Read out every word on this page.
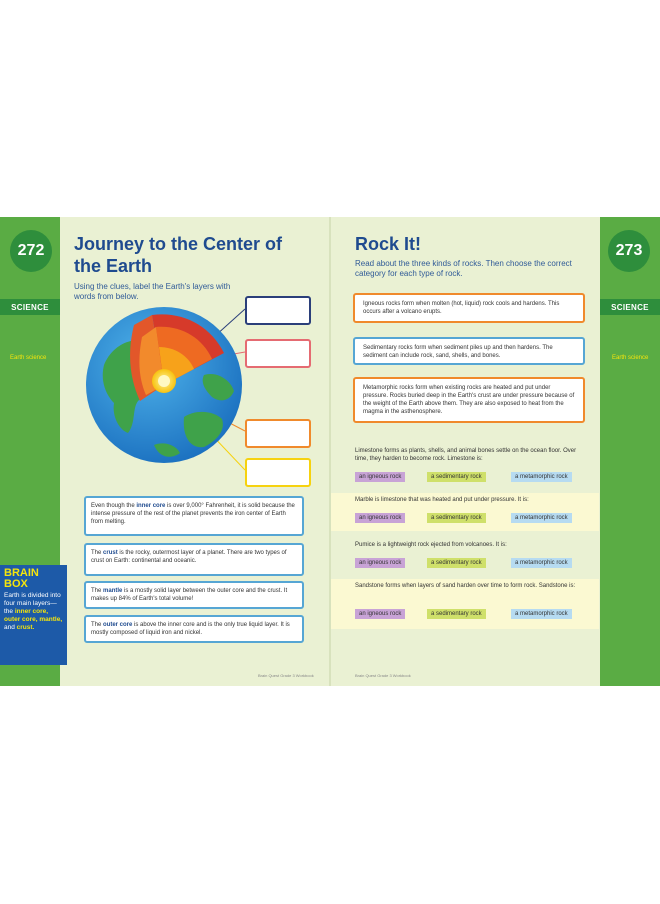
272
SCIENCE
Earth science
273
SCIENCE
Earth science
Journey to the Center of the Earth
Using the clues, label the Earth's layers with words from below.
Even though the inner core is over 9,000° Fahrenheit, it is solid because the intense pressure of the rest of the planet prevents the iron center of Earth from melting.
The crust is the rocky, outermost layer of a planet. There are two types of crust on Earth: continental and oceanic.
The mantle is a mostly solid layer between the outer core and the crust. It makes up 84% of Earth's total volume!
The outer core is above the inner core and is the only true liquid layer. It is mostly composed of liquid iron and nickel.
BRAIN
BOX
Earth is divided into four main layers—the inner core, outer core, mantle, and crust.
Brain Quest Grade 3 Workbook
Rock It!
Read about the three kinds of rocks. Then choose the correct category for each type of rock.
Igneous rocks form when molten (hot, liquid) rock cools and hardens. This occurs after a volcano erupts.
Sedimentary rocks form when sediment piles up and then hardens. The sediment can include rock, sand, shells, and bones.
Metamorphic rocks form when existing rocks are heated and put under pressure. Rocks buried deep in the Earth's crust are under pressure because of the weight of the Earth above them. They are also exposed to heat from the magma in the asthenosphere.
Limestone forms as plants, shells, and animal bones settle on the ocean floor. Over time, they harden to become rock. Limestone is:
an igneous rock	a sedimentary rock	a metamorphic rock
Marble is limestone that was heated and put under pressure. It is:
an igneous rock	a sedimentary rock	a metamorphic rock
Pumice is a lightweight rock ejected from volcanoes. It is:
an igneous rock	a sedimentary rock	a metamorphic rock
Sandstone forms when layers of sand harden over time to form rock. Sandstone is:
an igneous rock	a sedimentary rock	a metamorphic rock
Brain Quest Grade 3 Workbook
